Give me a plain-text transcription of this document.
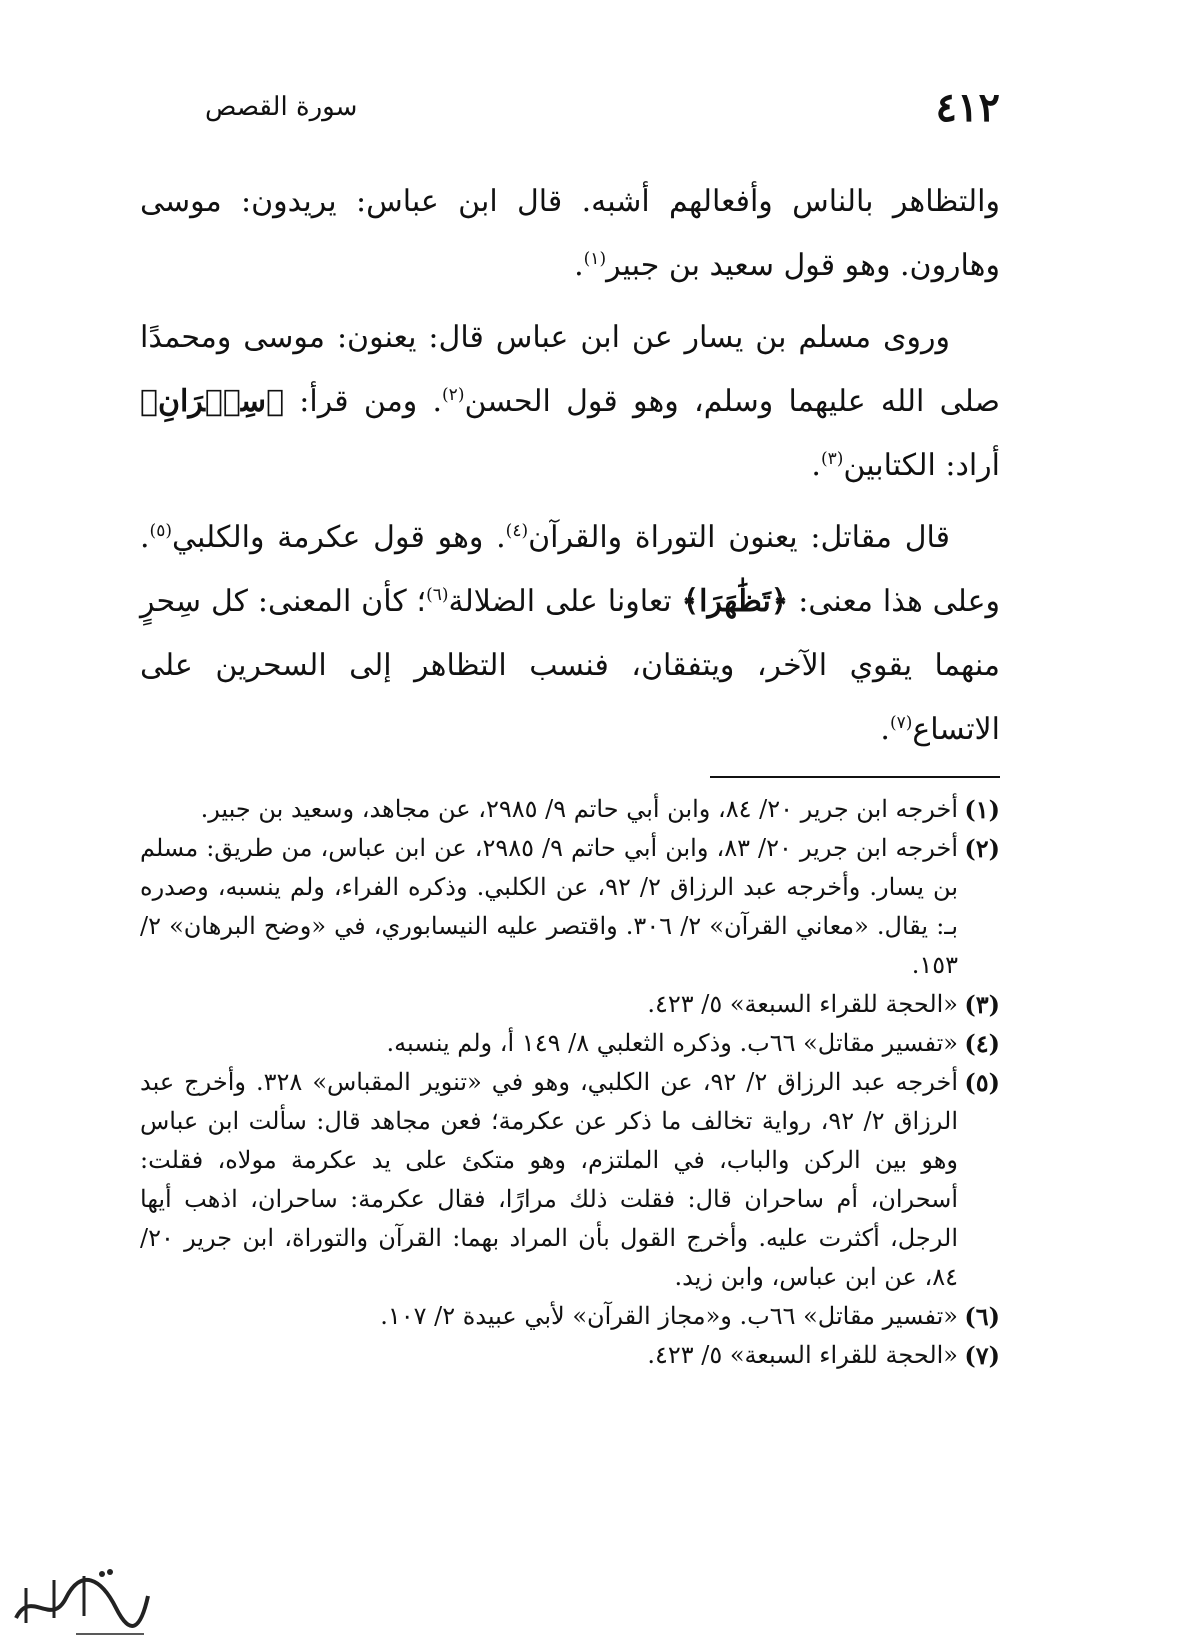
٤١٢
سورة القصص

والتظاهر بالناس وأفعالهم أشبه. قال ابن عباس: يريدون: موسى وهارون. وهو قول سعيد بن جبير$^{(١)}$.

وروى مسلم بن يسار عن ابن عباس قال: يعنون: موسى ومحمدًا صلى الله عليهما وسلم، وهو قول الحسن$^{(٢)}$. ومن قرأ: ﴿سِحۡرَانِ﴾ أراد: الكتابين$^{(٣)}$.

قال مقاتل: يعنون التوراة والقرآن$^{(٤)}$. وهو قول عكرمة والكلبي$^{(٥)}$. وعلى هذا معنى: ﴿تَظَٰهَرَا﴾ تعاونا على الضلالة$^{(٦)}$؛ كأن المعنى: كل سِحرٍ منهما يقوي الآخر، ويتفقان، فنسب التظاهر إلى السحرين على الاتساع$^{(٧)}$.

(١)
أخرجه ابن جرير ٢٠/ ٨٤، وابن أبي حاتم ٩/ ٢٩٨٥، عن مجاهد، وسعيد بن جبير.
(٢)
أخرجه ابن جرير ٢٠/ ٨٣، وابن أبي حاتم ٩/ ٢٩٨٥، عن ابن عباس، من طريق: مسلم بن يسار. وأخرجه عبد الرزاق ٢/ ٩٢، عن الكلبي. وذكره الفراء، ولم ينسبه، وصدره بـ: يقال. «معاني القرآن» ٢/ ٣٠٦. واقتصر عليه النيسابوري، في «وضح البرهان» ٢/ ١٥٣.
(٣)
«الحجة للقراء السبعة» ٥/ ٤٢٣.
(٤)
«تفسير مقاتل» ٦٦ب. وذكره الثعلبي ٨/ ١٤٩ أ، ولم ينسبه.
(٥)
أخرجه عبد الرزاق ٢/ ٩٢، عن الكلبي، وهو في «تنوير المقباس» ٣٢٨. وأخرج عبد الرزاق ٢/ ٩٢، رواية تخالف ما ذكر عن عكرمة؛ فعن مجاهد قال: سألت ابن عباس وهو بين الركن والباب، في الملتزم، وهو متكئ على يد عكرمة مولاه، فقلت: أسحران، أم ساحران قال: فقلت ذلك مرارًا، فقال عكرمة: ساحران، اذهب أيها الرجل، أكثرت عليه. وأخرج القول بأن المراد بهما: القرآن والتوراة، ابن جرير ٢٠/ ٨٤، عن ابن عباس، وابن زيد.
(٦)
«تفسير مقاتل» ٦٦ب. و«مجاز القرآن» لأبي عبيدة ٢/ ١٠٧.
(٧)
«الحجة للقراء السبعة» ٥/ ٤٢٣.
